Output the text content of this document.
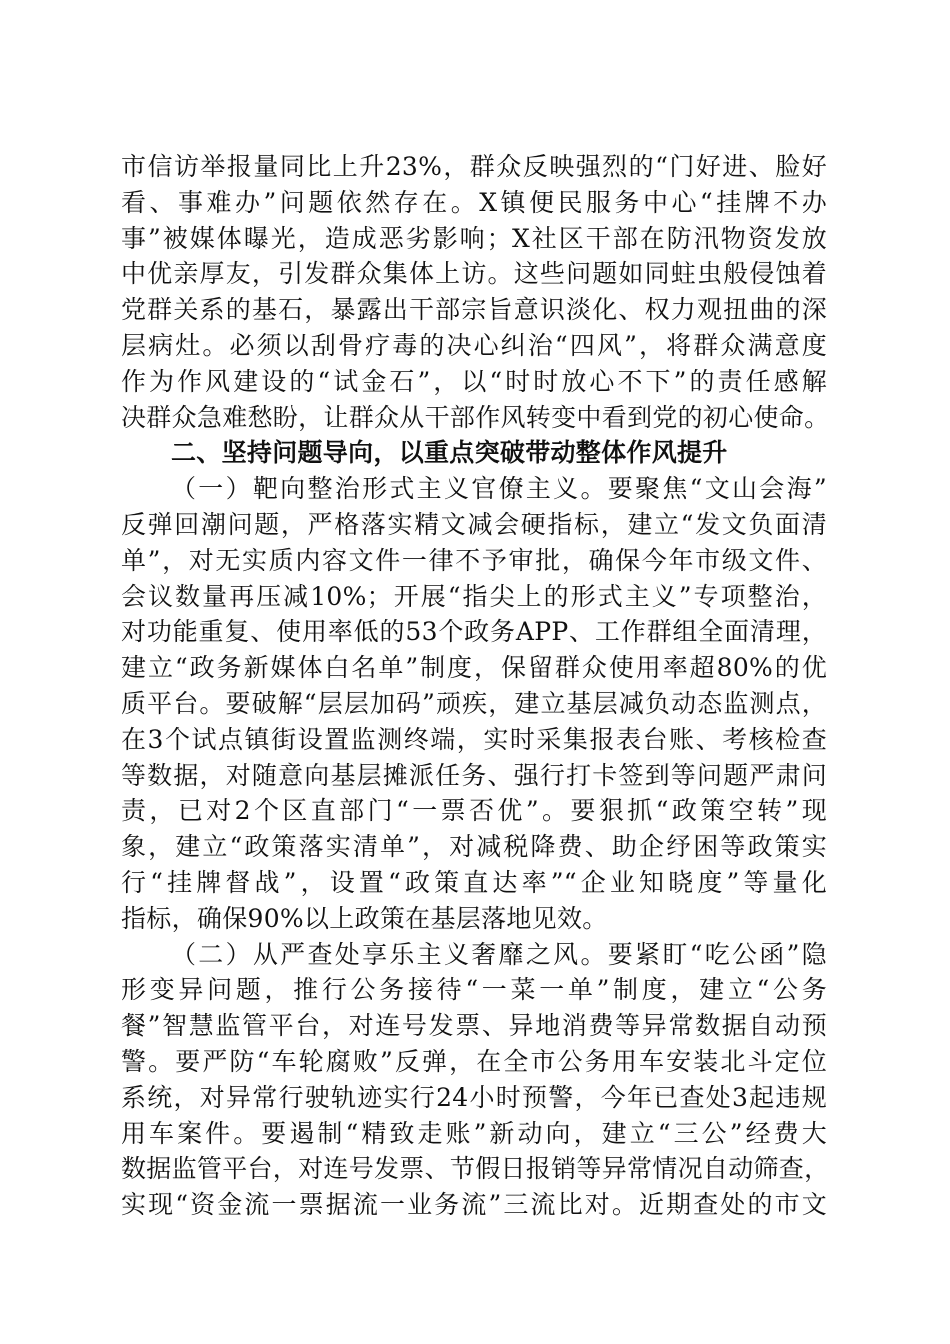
市信访举报量同比上升23%，群众反映强烈的“门好进、脸好
看、事难办”问题依然存在。X镇便民服务中心“挂牌不办
事”被媒体曝光，造成恶劣影响；X社区干部在防汛物资发放
中优亲厚友，引发群众集体上访。这些问题如同蛀虫般侵蚀着
党群关系的基石，暴露出干部宗旨意识淡化、权力观扭曲的深
层病灶。必须以刮骨疗毒的决心纠治“四风”，将群众满意度
作为作风建设的“试金石”，以“时时放心不下”的责任感解
决群众急难愁盼，让群众从干部作风转变中看到党的初心使命。
二、坚持问题导向，以重点突破带动整体作风提升
（一）靶向整治形式主义官僚主义。要聚焦“文山会海”
反弹回潮问题，严格落实精文减会硬指标，建立“发文负面清
单”，对无实质内容文件一律不予审批，确保今年市级文件、
会议数量再压减10%；开展“指尖上的形式主义”专项整治，
对功能重复、使用率低的53个政务APP、工作群组全面清理，
建立“政务新媒体白名单”制度，保留群众使用率超80%的优
质平台。要破解“层层加码”顽疾，建立基层减负动态监测点，
在3个试点镇街设置监测终端，实时采集报表台账、考核检查
等数据，对随意向基层摊派任务、强行打卡签到等问题严肃问
责，已对2个区直部门“一票否优”。要狠抓“政策空转”现
象，建立“政策落实清单”，对减税降费、助企纾困等政策实
行“挂牌督战”，设置“政策直达率”“企业知晓度”等量化
指标，确保90%以上政策在基层落地见效。
（二）从严查处享乐主义奢靡之风。要紧盯“吃公函”隐
形变异问题，推行公务接待“一菜一单”制度，建立“公务
餐”智慧监管平台，对连号发票、异地消费等异常数据自动预
警。要严防“车轮腐败”反弹，在全市公务用车安装北斗定位
系统，对异常行驶轨迹实行24小时预警，今年已查处3起违规
用车案件。要遏制“精致走账”新动向，建立“三公”经费大
数据监管平台，对连号发票、节假日报销等异常情况自动筛查，
实现“资金流一票据流一业务流”三流比对。近期查处的市文
